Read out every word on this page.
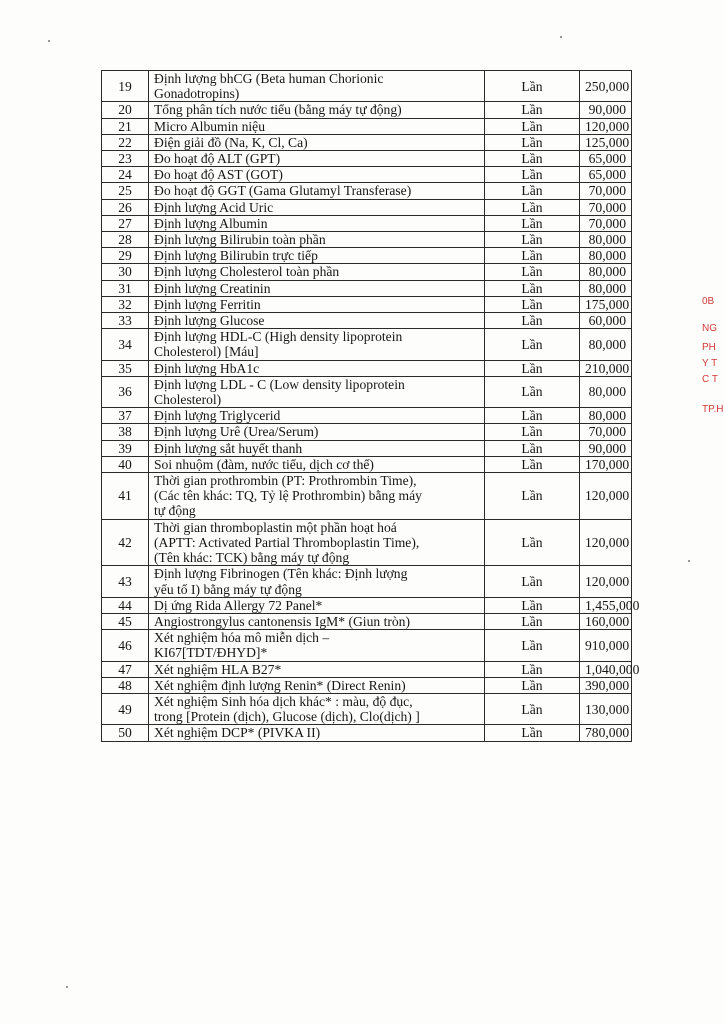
19	Định lượng bhCG (Beta human Chorionic
Gonadotropins)	Lần	250,000
20	Tổng phân tích nước tiểu (bằng máy tự động)	Lần	90,000
21	Micro Albumin niệu	Lần	120,000
22	Điện giải đồ (Na, K, Cl, Ca)	Lần	125,000
23	Đo hoạt độ ALT (GPT)	Lần	65,000
24	Đo hoạt độ AST (GOT)	Lần	65,000
25	Đo hoạt độ GGT (Gama Glutamyl Transferase)	Lần	70,000
26	Định lượng Acid Uric	Lần	70,000
27	Định lượng Albumin	Lần	70,000
28	Định lượng Bilirubin toàn phần	Lần	80,000
29	Định lượng Bilirubin trực tiếp	Lần	80,000
30	Định lượng Cholesterol toàn phần	Lần	80,000
31	Định lượng Creatinin	Lần	80,000
32	Định lượng Ferritin	Lần	175,000
33	Định lượng Glucose	Lần	60,000
34	Định lượng HDL-C (High density lipoprotein
Cholesterol) [Máu]	Lần	80,000
35	Định lượng HbA1c	Lần	210,000
36	Định lượng LDL - C (Low density lipoprotein
Cholesterol)	Lần	80,000
37	Định lượng Triglycerid	Lần	80,000
38	Định lượng Urê (Urea/Serum)	Lần	70,000
39	Định lượng sắt huyết thanh	Lần	90,000
40	Soi nhuộm (đàm, nước tiểu, dịch cơ thể)	Lần	170,000
41	Thời gian prothrombin (PT: Prothrombin Time),
(Các tên khác: TQ, Tỷ lệ Prothrombin) bằng máy
tự động	Lần	120,000
42	Thời gian thromboplastin một phần hoạt hoá
(APTT: Activated Partial Thromboplastin Time),
(Tên khác: TCK) bằng máy tự động	Lần	120,000
43	Định lượng Fibrinogen (Tên khác: Định lượng
yếu tố I) bằng máy tự động	Lần	120,000
44	Dị ứng Rida Allergy 72 Panel*	Lần	1,455,000
45	Angiostrongylus cantonensis IgM* (Giun tròn)	Lần	160,000
46	Xét nghiệm hóa mô miễn dịch –
KI67[TDT/ĐHYD]*	Lần	910,000
47	Xét nghiệm HLA B27*	Lần	1,040,000
48	Xét nghiệm định lượng Renin* (Direct Renin)	Lần	390,000
49	Xét nghiệm Sinh hóa dịch khác* : màu, độ đục,
trong [Protein (dịch), Glucose (dịch), Clo(dịch) ]	Lần	130,000
50	Xét nghiệm DCP* (PIVKA II)	Lần	780,000
0B
NG
PH
Y T
C T
TP.H
